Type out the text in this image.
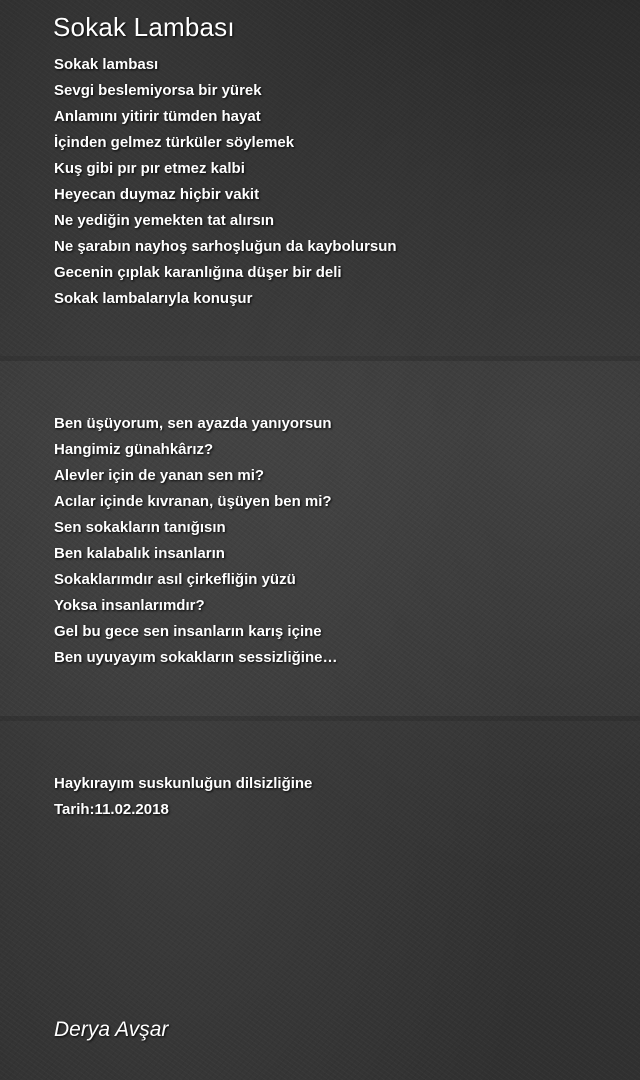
Sokak Lambası
Sokak lambası
Sevgi beslemiyorsa bir yürek
Anlamını yitirir tümden hayat
İçinden gelmez türküler söylemek
Kuş gibi pır pır etmez kalbi
Heyecan duymaz hiçbir vakit
Ne yediğin yemekten tat alırsın
Ne şarabın nayhoş sarhoşluğun da kaybolursun
Gecenin çıplak karanlığına düşer bir deli
Sokak lambalarıyla konuşur
Ben üşüyorum, sen ayazda yanıyorsun
Hangimiz günahkârız?
Alevler için de yanan sen mi?
Acılar içinde kıvranan, üşüyen ben mi?
Sen sokakların tanığısın
Ben kalabalık insanların
Sokaklarımdır asıl çirkefliğin yüzü
Yoksa insanlarımdır?
Gel bu gece sen insanların karış içine
Ben uyuyayım sokakların sessizliğine…
Haykırayım suskunluğun dilsizliğine
Tarih:11.02.2018
Derya Avşar
